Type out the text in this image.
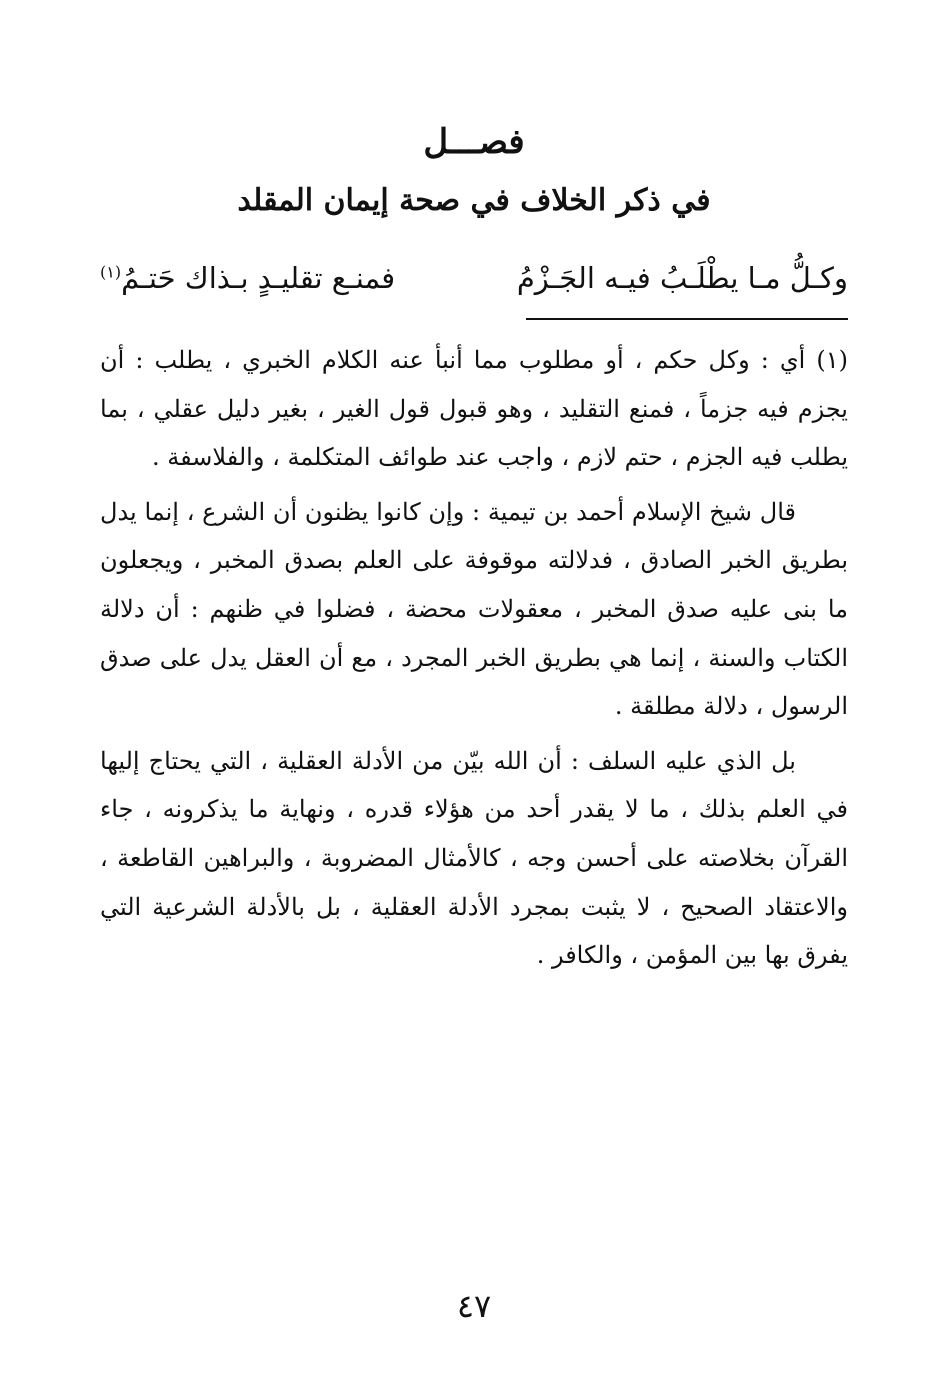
فصـــل
في ذكر الخلاف في صحة إيمان المقلد
وكـلُّ مـا يطْلَـبُ فيـه الجَـزْمُ
فمنـع تقليـدٍ بـذاك حَتـمُ$^{(١)}$

(١) أي : وكل حكم ، أو مطلوب مما أنبأ عنه الكلام الخبري ، يطلب : أن يجزم فيه جزماً ، فمنع التقليد ، وهو قبول قول الغير ، بغير دليل عقلي ، بما يطلب فيه الجزم ، حتم لازم ، واجب عند طوائف المتكلمة ، والفلاسفة .

قال شيخ الإسلام أحمد بن تيمية : وإن كانوا يظنون أن الشرع ، إنما يدل بطريق الخبر الصادق ، فدلالته موقوفة على العلم بصدق المخبر ، ويجعلون ما بنى عليه صدق المخبر ، معقولات محضة ، فضلوا في ظنهم : أن دلالة الكتاب والسنة ، إنما هي بطريق الخبر المجرد ، مع أن العقل يدل على صدق الرسول ، دلالة مطلقة .

بل الذي عليه السلف : أن الله بيّن من الأدلة العقلية ، التي يحتاج إليها في العلم بذلك ، ما لا يقدر أحد من هؤلاء قدره ، ونهاية ما يذكرونه ، جاء القرآن بخلاصته على أحسن وجه ، كالأمثال المضروبة ، والبراهين القاطعة ، والاعتقاد الصحيح ، لا يثبت بمجرد الأدلة العقلية ، بل بالأدلة الشرعية التي يفرق بها بين المؤمن ، والكافر .

٤٧
